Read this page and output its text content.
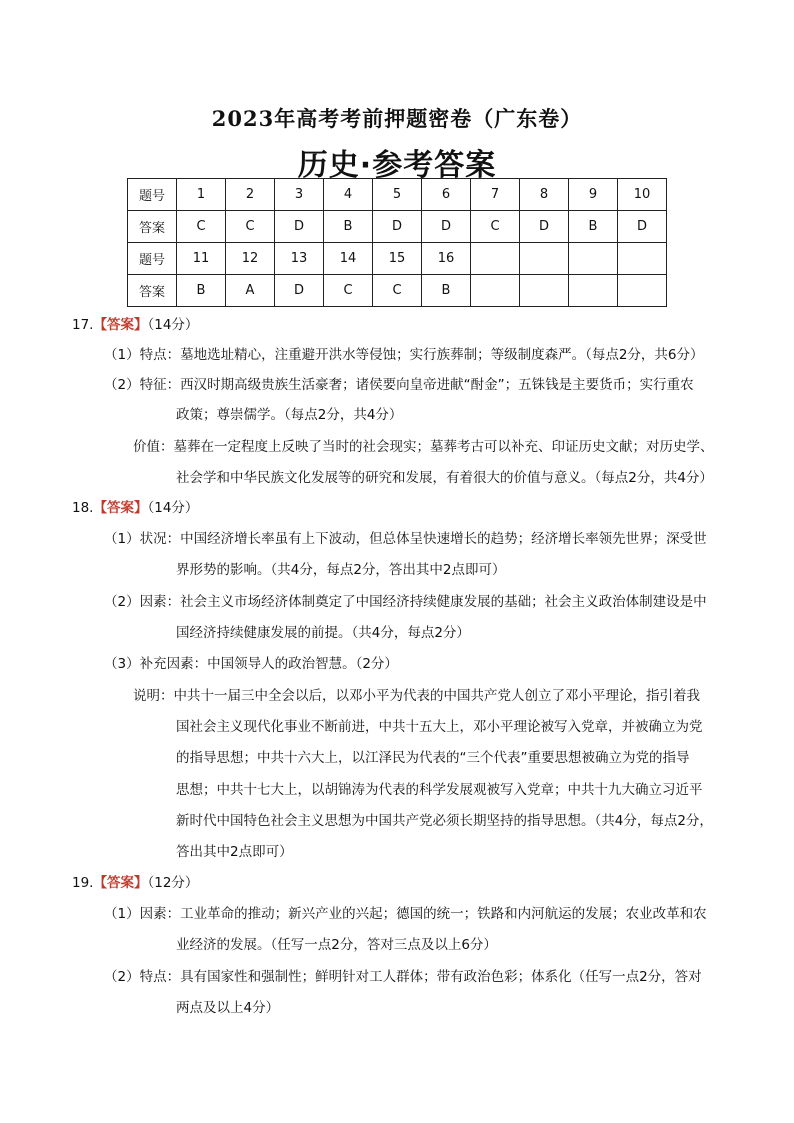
2023年高考考前押题密卷（广东卷）
历史·参考答案
题号	1	2	3	4	5	6	7	8	9	10
答案	C	C	D	B	D	D	C	D	B	D
题号	11	12	13	14	15	16				
答案	B	A	D	C	C	B				
17.【答案】（14分）
（1）特点：墓地选址精心，注重避开洪水等侵蚀；实行族葬制；等级制度森严。（每点2分，共6分）
（2）特征：西汉时期高级贵族生活豪奢；诸侯要向皇帝进献“酎金”；五铢钱是主要货币；实行重农
政策；尊崇儒学。（每点2分，共4分）
价值：墓葬在一定程度上反映了当时的社会现实；墓葬考古可以补充、印证历史文献；对历史学、
社会学和中华民族文化发展等的研究和发展，有着很大的价值与意义。（每点2分，共4分）
18.【答案】（14分）
（1）状况：中国经济增长率虽有上下波动，但总体呈快速增长的趋势；经济增长率领先世界；深受世
界形势的影响。（共4分，每点2分，答出其中2点即可）
（2）因素：社会主义市场经济体制奠定了中国经济持续健康发展的基础；社会主义政治体制建设是中
国经济持续健康发展的前提。（共4分，每点2分）
（3）补充因素：中国领导人的政治智慧。（2分）
说明：中共十一届三中全会以后，以邓小平为代表的中国共产党人创立了邓小平理论，指引着我
国社会主义现代化事业不断前进，中共十五大上，邓小平理论被写入党章，并被确立为党
的指导思想；中共十六大上，以江泽民为代表的“三个代表”重要思想被确立为党的指导
思想；中共十七大上，以胡锦涛为代表的科学发展观被写入党章；中共十九大确立习近平
新时代中国特色社会主义思想为中国共产党必须长期坚持的指导思想。（共4分，每点2分，
答出其中2点即可）
19.【答案】（12分）
（1）因素：工业革命的推动；新兴产业的兴起；德国的统一；铁路和内河航运的发展；农业改革和农
业经济的发展。（任写一点2分，答对三点及以上6分）
（2）特点：具有国家性和强制性；鲜明针对工人群体；带有政治色彩；体系化（任写一点2分，答对
两点及以上4分）
